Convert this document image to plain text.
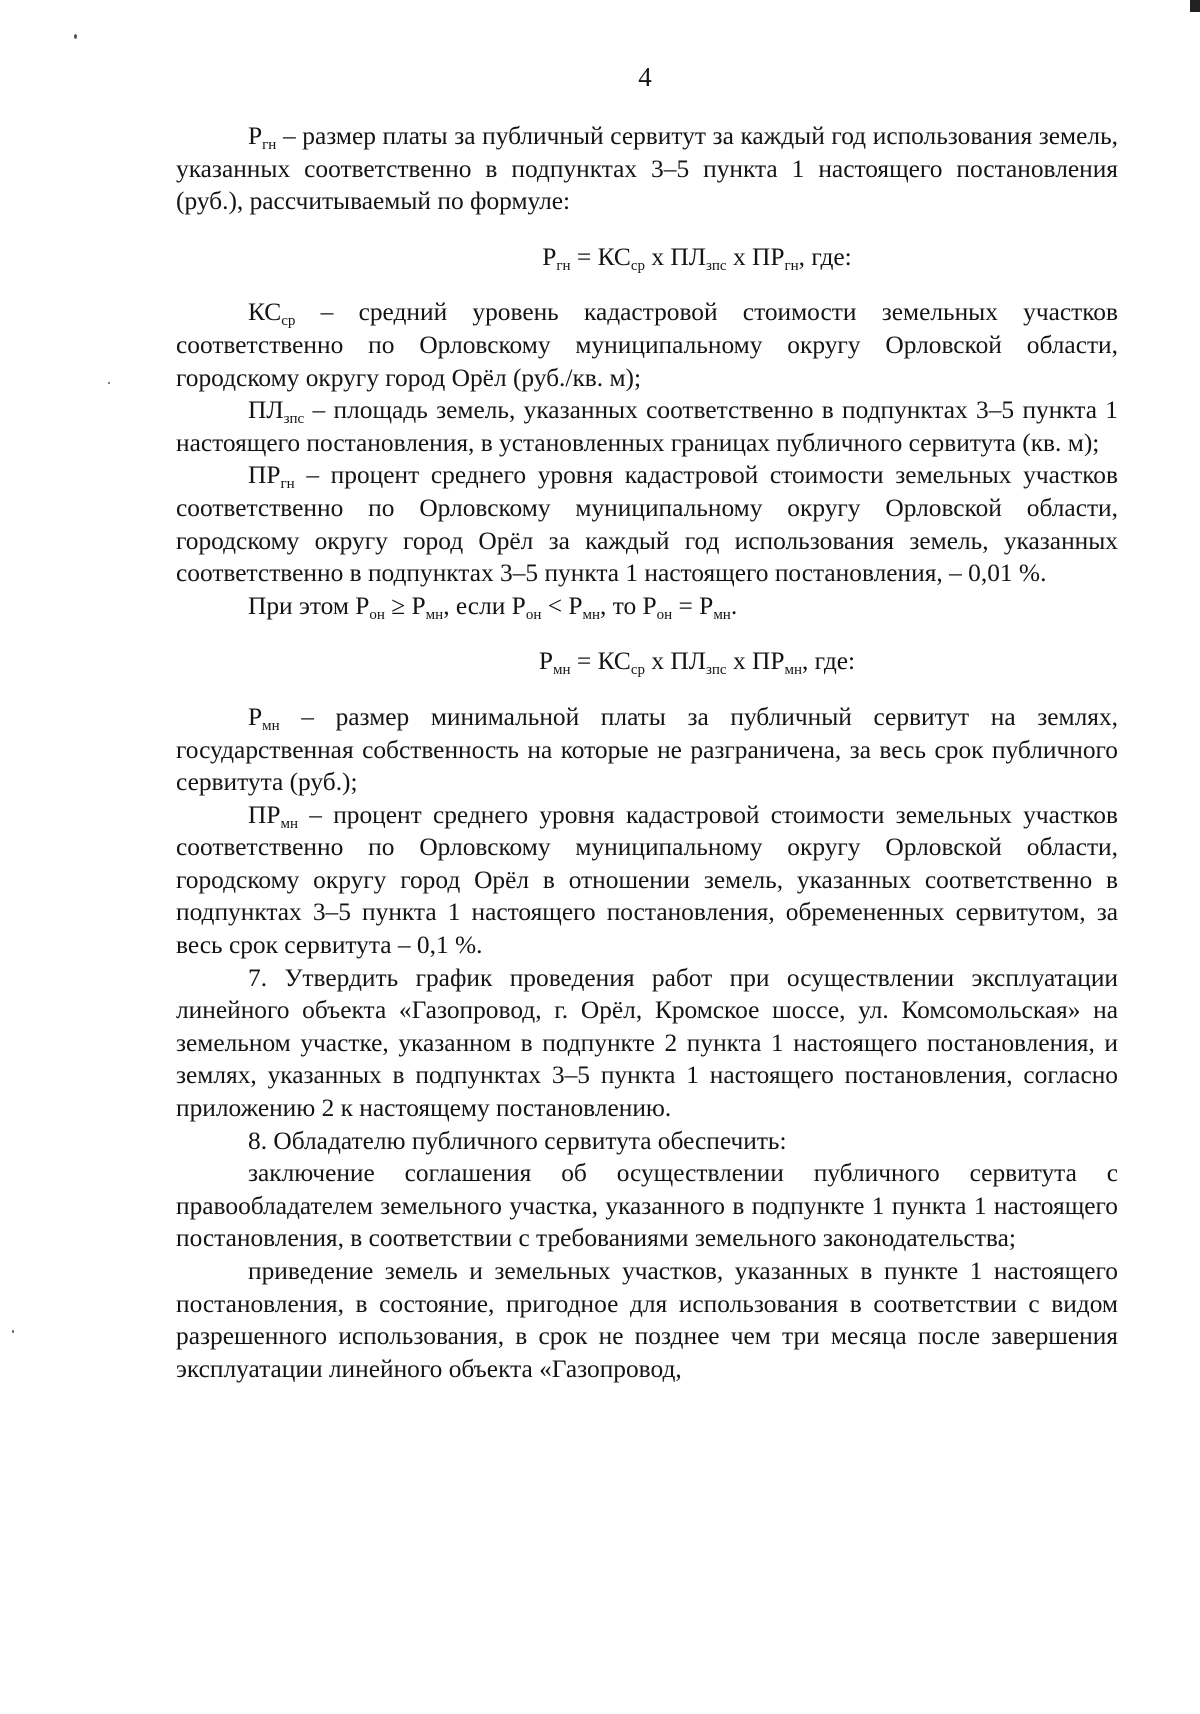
4

$P_{гн}$ – размер платы за публичный сервитут за каждый год использования земель, указанных соответственно в подпунктах 3–5 пункта 1 настоящего постановления (руб.), рассчитываемый по формуле:

$P_{гн} = КС_{ср}$ х $ПЛ_{зпс}$ х $ПР_{гн}$, где:

$КС_{ср}$ – средний уровень кадастровой стоимости земельных участков соответственно по Орловскому муниципальному округу Орловской области, городскому округу город Орёл (руб./кв. м);

$ПЛ_{зпс}$ – площадь земель, указанных соответственно в подпунктах 3–5 пункта 1 настоящего постановления, в установленных границах публичного сервитута (кв. м);

$ПР_{гн}$ – процент среднего уровня кадастровой стоимости земельных участков соответственно по Орловскому муниципальному округу Орловской области, городскому округу город Орёл за каждый год использования земель, указанных соответственно в подпунктах 3–5 пункта 1 настоящего постановления, – 0,01 %.

При этом $Р_{он} \ge Р_{мн}$, если $Р_{он} < Р_{мн}$, то $Р_{он} = Р_{мн}$.

$Р_{мн} = КС_{ср}$ х $ПЛ_{зпс}$ х $ПР_{мн}$, где:

$Р_{мн}$ – размер минимальной платы за публичный сервитут на землях, государственная собственность на которые не разграничена, за весь срок публичного сервитута (руб.);

$ПР_{мн}$ – процент среднего уровня кадастровой стоимости земельных участков соответственно по Орловскому муниципальному округу Орловской области, городскому округу город Орёл в отношении земель, указанных соответственно в подпунктах 3–5 пункта 1 настоящего постановления, обремененных сервитутом, за весь срок сервитута – 0,1 %.

7. Утвердить график проведения работ при осуществлении эксплуатации линейного объекта «Газопровод, г. Орёл, Кромское шоссе, ул. Комсомольская» на земельном участке, указанном в подпункте 2 пункта 1 настоящего постановления, и землях, указанных в подпунктах 3–5 пункта 1 настоящего постановления, согласно приложению 2 к настоящему постановлению.

8. Обладателю публичного сервитута обеспечить:

заключение соглашения об осуществлении публичного сервитута с правообладателем земельного участка, указанного в подпункте 1 пункта 1 настоящего постановления, в соответствии с требованиями земельного законодательства;

приведение земель и земельных участков, указанных в пункте 1 настоящего постановления, в состояние, пригодное для использования в соответствии с видом разрешенного использования, в срок не позднее чем три месяца после завершения эксплуатации линейного объекта «Газопровод,
